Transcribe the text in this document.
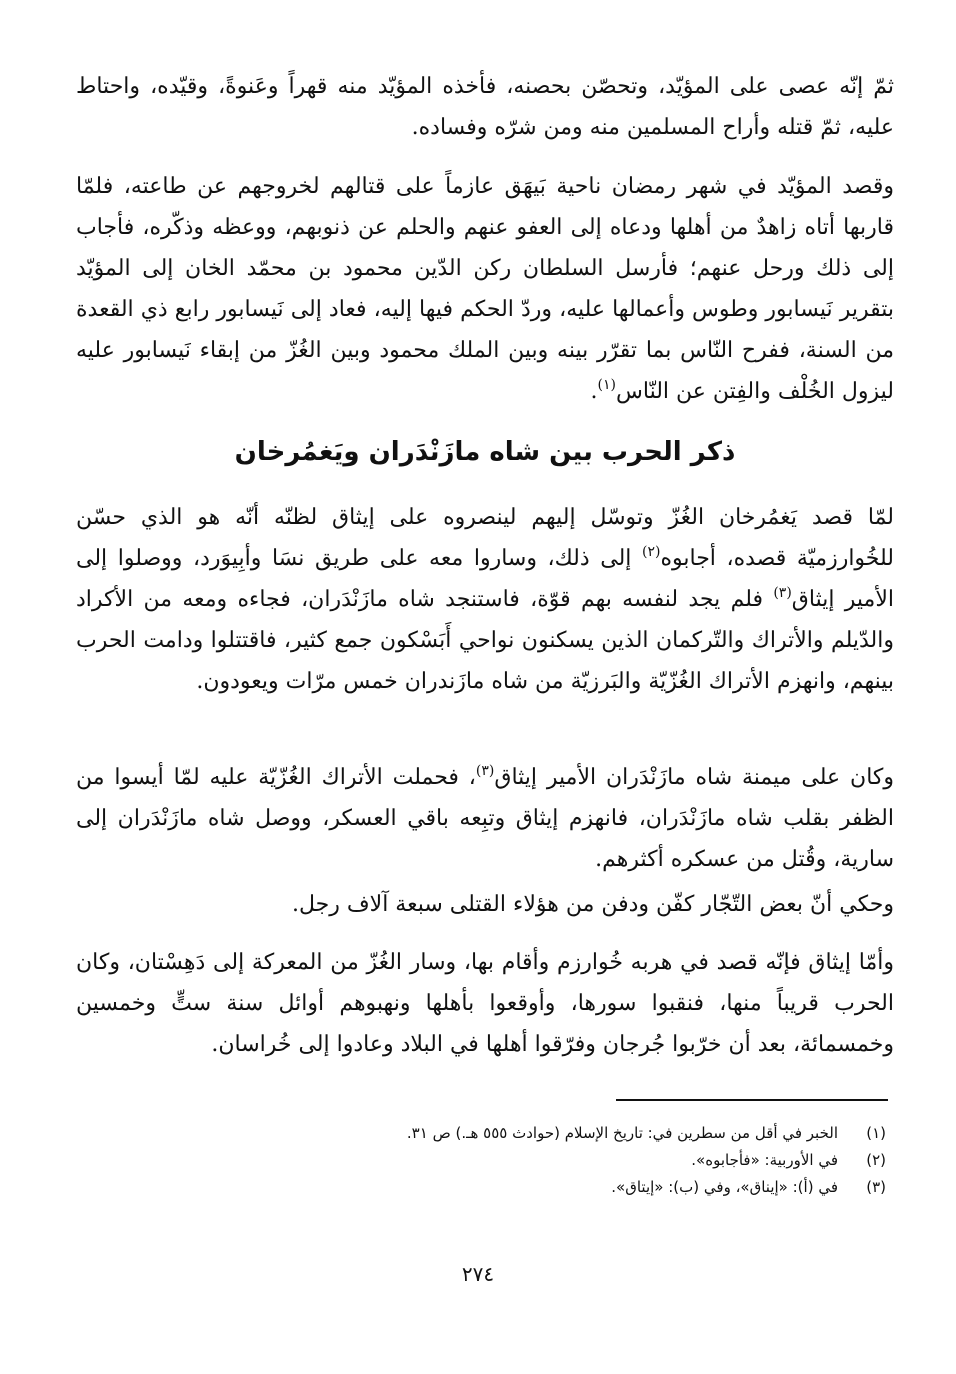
ثمّ إنّه عصى على المؤيّد، وتحصّن بحصنه، فأخذه المؤيّد منه قهراً وعَنوةً، وقيّده، واحتاط عليه، ثمّ قتله وأراح المسلمين منه ومن شرّه وفساده.

وقصد المؤيّد في شهر رمضان ناحية بَيهَق عازماً على قتالهم لخروجهم عن طاعته، فلمّا قاربها أتاه زاهدٌ من أهلها ودعاه إلى العفو عنهم والحلم عن ذنوبهم، ووعظه وذكّره، فأجاب إلى ذلك ورحل عنهم؛ فأرسل السلطان ركن الدّين محمود بن محمّد الخان إلى المؤيّد بتقرير نَيسابور وطوس وأعمالها عليه، وردّ الحكم فيها إليه، فعاد إلى نَيسابور رابع ذي القعدة من السنة، ففرح النّاس بما تقرّر بينه وبين الملك محمود وبين الغُزّ من إبقاء نَيسابور عليه ليزول الخُلْف والفِتن عن النّاس$^{(١)}$.

ذكر الحرب بين شاه مازَنْدَران ويَغمُرخان

لمّا قصد يَغمُرخان الغُزّ وتوسّل إليهم لينصروه على إيثاق لظنّه أنّه هو الذي حسّن للخُوارزميّة قصده، أجابوه$^{(٢)}$ إلى ذلك، وساروا معه على طريق نسَا وأبِيوَرد، ووصلوا إلى الأمير إيثاق$^{(٣)}$ فلم يجد لنفسه بهم قوّة، فاستنجد شاه مازَنْدَران، فجاءه ومعه من الأكراد والدّيلم والأتراك والتّركمان الذين يسكنون نواحي أَبَسْكون جمع كثير، فاقتتلوا ودامت الحرب بينهم، وانهزم الأتراك الغُزّيّة والبَرزيّة من شاه مازَندران خمس مرّات ويعودون.

وكان على ميمنة شاه مازَنْدَران الأمير إيثاق$^{(٣)}$، فحملت الأتراك الغُزّيّة عليه لمّا أيسوا من الظفر بقلب شاه مازَنْدَران، فانهزم إيثاق وتبِعه باقي العسكر، ووصل شاه مازَنْدَران إلى سارية، وقُتل من عسكره أكثرهم.

وحكي أنّ بعض التّجّار كفّن ودفن من هؤلاء القتلى سبعة آلاف رجل.

وأمّا إيثاق فإنّه قصد في هربه خُوارزم وأقام بها، وسار الغُزّ من المعركة إلى دَهِسْتان، وكان الحرب قريباً منها، فنقبوا سورها، وأوقعوا بأهلها ونهبوهم أوائل سنة ستٍّ وخمسين وخمسمائة، بعد أن خرّبوا جُرجان وفرّقوا أهلها في البلاد وعادوا إلى خُراسان.

(١)
الخبر في أقل من سطرين في: تاريخ الإسلام (حوادث ٥٥٥ هـ.) ص ٣١.
(٢)
في الأوربية: «فأجابوه».
(٣)
في (أ): «إيناق»، وفي (ب): «إيتاق».
٢٧٤
